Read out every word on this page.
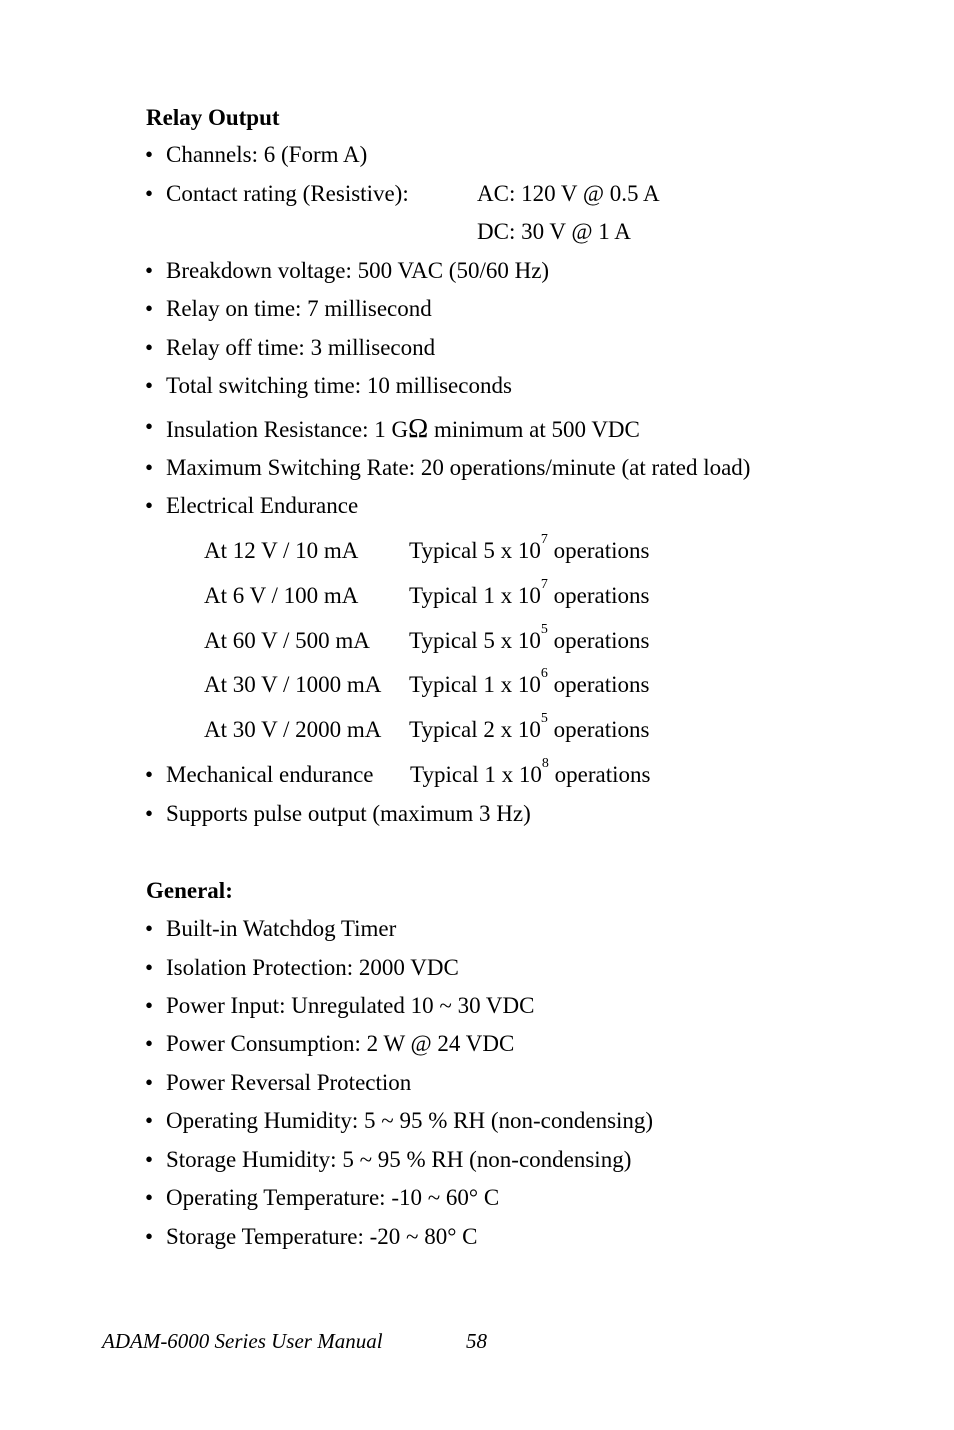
Relay Output
• Channels: 6 (Form A)
• Contact rating (Resistive):	AC: 120 V @ 0.5 A
DC: 30 V @ 1 A
• Breakdown voltage: 500 VAC (50/60 Hz)
• Relay on time: 7 millisecond
• Relay off time: 3 millisecond
• Total switching time: 10 milliseconds
• Insulation Resistance: 1 GΩ minimum at 500 VDC
• Maximum Switching Rate: 20 operations/minute (at rated load)
• Electrical Endurance
At 12 V / 10 mA Typical 5 x $10^7$ operations
At 6 V / 100 mA Typical 1 x $10^7$ operations
At 60 V / 500 mA Typical 5 x $10^5$ operations
At 30 V / 1000 mA Typical 1 x $10^6$ operations
At 30 V / 2000 mA Typical 2 x $10^5$ operations
• Mechanical endurance Typical 1 x $10^8$ operations
• Supports pulse output (maximum 3 Hz)
General:
• Built-in Watchdog Timer
• Isolation Protection: 2000 VDC
• Power Input: Unregulated 10 ~ 30 VDC
• Power Consumption: 2 W @ 24 VDC
• Power Reversal Protection
• Operating Humidity: 5 ~ 95 % RH (non-condensing)
• Storage Humidity: 5 ~ 95 % RH (non-condensing)
• Operating Temperature: -10 ~ 60° C
• Storage Temperature: -20 ~ 80° C
ADAM-6000 Series User Manual	58
